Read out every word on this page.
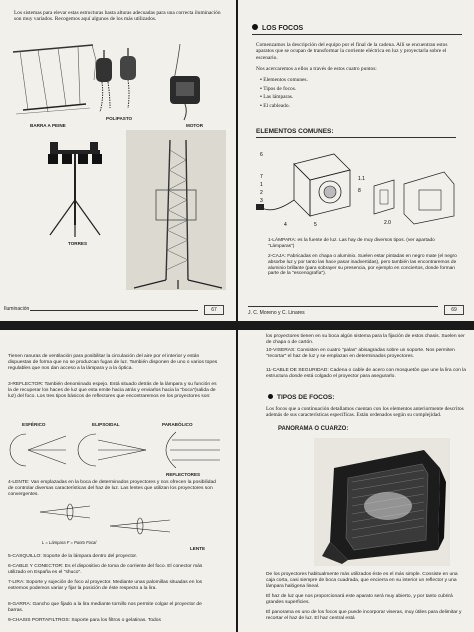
Los sistemas para elevar estas estructuras hasta alturas adecuadas para una correcta iluminación son muy variados. Recogemos aquí algunos de los más utilizados.
BARRA A PEINE
POLIPASTO
MOTOR
TORRES
Iluminación	67
LOS FOCOS
Comenzamos la descripción del equipo por el final de la cadena. Allí se encuentran estos aparatos que se ocupan de transformar la corriente eléctrica en luz y proyectarla sobre el escenario.
Nos acercaremos a ellos a través de estos cuatro puntos:
• Elementos comunes.
• Tipos de focos.
• Las lámparas.
• El cableado.
ELEMENTOS COMUNES:
6
7
1
2
3
4	5
1.1
8
2.0
1-LÁMPARA: es la fuente de luz. Las hay de muy diversos tipos. (ver apartado "Lámparas")
2-CAJA: Fabricadas en chapa o aluminio. Suelen estar pintadas en negro mate (el negro absorbe luz y por tanto las hace pasar inadvertidas), pero también las encontraremos de aluminio brillante (para sobrayer su presencia, por ejemplo en conciertos, donde forman parte de la "escenografía").
J. C. Moreno y C. Linares	69
Tienen ranuras de ventilación para posibilitar la circulación del aire por el interior y están dispuestas de forma que no se produzcan fugas de luz. También disponen de uno o varios topes regulables que nos dan acceso a la lámpara y a la óptica.
3-REFLECTOR: También denominado espejo. Está situado detrás de la lámpara y su función es la de recuperar los haces de luz que esta emite hacia atrás y enviarlos hacia la "boca"(salida de luz) del foco. Los tres tipos básicos de reflectores que encontraremos en los proyectores son:
ESFÉRICO	ELIPSOIDAL	PARABÓLICO
REFLECTORES
4-LENTE: Van emplazadas en la boca de determinados proyectores y nos ofrecen la posibilidad de controlar diversas características del haz de luz. Las lentes que utilizan los proyectores son convergentes.
L = Lámpara F = Punto Focal
LENTE
5-CASQUILLO: Soporte de la lámpara dentro del proyector.
6-CABLE Y CONECTOR: Es el dispositivo de toma de corriente del foco. El conector más utilizado en España es el "shuco".
7-LIRA: Soporte y sujeción de foco al proyector. Mediante unas palomillas situadas en los extremos podemos variar y fijar la posición de éste respecto a la lira.
8-GARRA: Gancho que fijado a la lira mediante tornillo nos permite colgar el proyector de barras.
9-CHASIS PORTAFILTROS: Soporte para los filtros o gelatinas. Todos
los proyectores tienen en su boca algún sistema para la fijación de estos chasis. Suelen ser de chapa o de cartón.
10-VISERAS: Consisten en cuatro "palas" abisagradas sobre un soporte. Nos permiten "recortar" el haz de luz y se emplazan en determinados proyectores.
11-CABLE DE SEGURIDAD: Cadena o cable de acero con mosquetón que une la lira con la estructura donde está colgado el proyector para asegurarlo.
TIPOS DE FOCOS:
Los focos que a continuación detallamos cuentan con los elementos anteriormente descritos además de sus características específicas. Están ordenados según su complejidad.
PANORAMA O CUARZO:
De los proyectores habitualmente más utilizados éste es el más simple. Consiste en una caja corta, casi siempre de boca cuadrada, que encierra en su interior un reflector y una lámpara halógena lineal.
El haz de luz que nos proporcionará este aparato será muy abierto, y por tanto cubrirá grandes superficies.
El panorama es uno de los focos que puede incorporar viseras, muy útiles para delimitar y recortar el haz de luz. El haz central está
